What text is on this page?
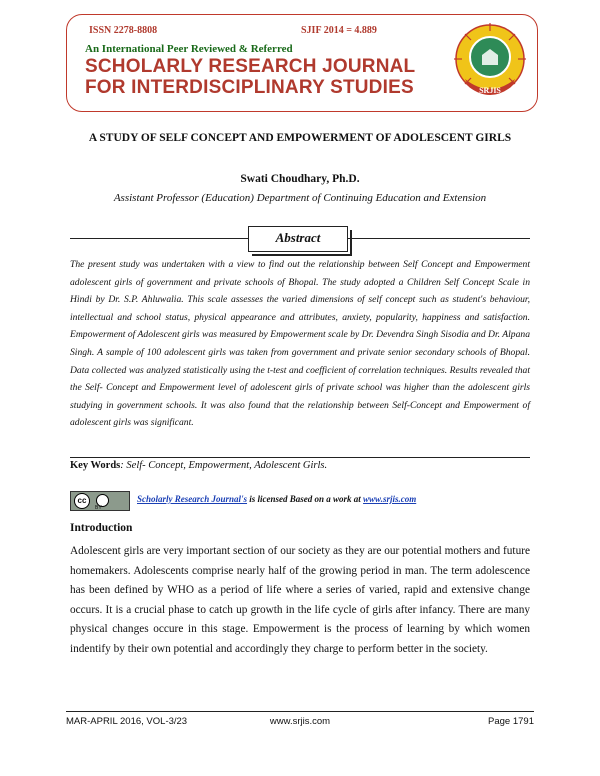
ISSN 2278-8808	SJIF 2014 = 4.889
An International Peer Reviewed & Referred
SCHOLARLY RESEARCH JOURNAL
FOR INTERDISCIPLINARY STUDIES	SRJIS
A STUDY OF SELF CONCEPT AND EMPOWERMENT OF ADOLESCENT GIRLS
Swati Choudhary, Ph.D.
Assistant Professor (Education) Department of Continuing Education and Extension
Abstract
The present study was undertaken with a view to find out the relationship between Self Concept and Empowerment adolescent girls of government and private schools of Bhopal. The study adopted a Children Self Concept Scale in Hindi by Dr. S.P. Ahluwalia. This scale assesses the varied dimensions of self concept such as student's behaviour, intellectual and school status, physical appearance and attributes, anxiety, popularity, happiness and satisfaction. Empowerment of Adolescent girls was measured by Empowerment scale by Dr. Devendra Singh Sisodia and Dr. Alpana Singh. A sample of 100 adolescent girls was taken from government and private senior secondary schools of Bhopal. Data collected was analyzed statistically using the t-test and coefficient of correlation techniques. Results revealed that the Self- Concept and Empowerment level of adolescent girls of private school was higher than the adolescent girls studying in government schools. It was also found that the relationship between Self-Concept and Empowerment of adolescent girls was significant.
Key Words: Self- Concept, Empowerment, Adolescent Girls.
cc
BY
Scholarly Research Journal's is licensed Based on a work at www.srjis.com
Introduction
Adolescent girls are very important section of our society as they are our potential mothers and future homemakers. Adolescents comprise nearly half of the growing period in man. The term adolescence has been defined by WHO as a period of life where a series of varied, rapid and extensive change occurs. It is a crucial phase to catch up growth in the life cycle of girls after infancy. There are many physical changes occure in this stage. Empowerment is the process of learning by which women indentify by their own potential and accordingly they charge to perform better in the society.
MAR-APRIL 2016, VOL-3/23	www.srjis.com	Page 1791
